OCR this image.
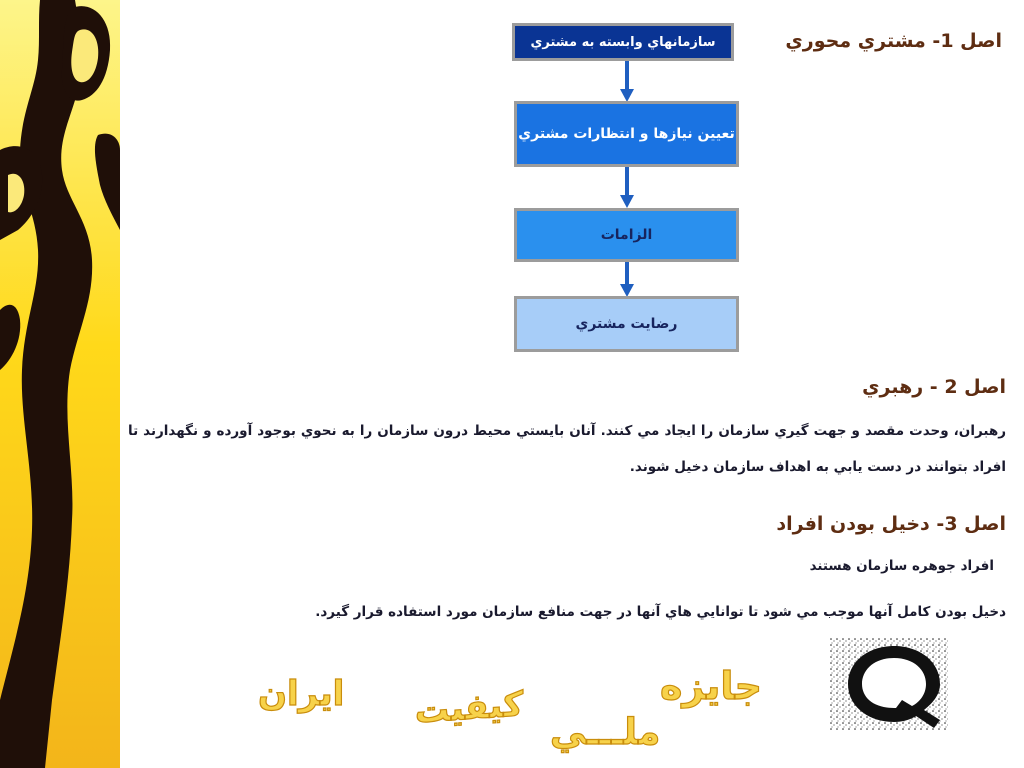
سازمانهاي وابسته به مشتري
تعيين نيازها و انتظارات مشتري
الزامات
رضايت مشتري
اصل 1- مشتري محوري
اصل 2 - رهبري
رهبران، وحدت مقصد و جهت گيري سازمان را ايجاد مي كنند. آنان بايستي محيط درون سازمان را به نحوي بوجود آورده و نگهدارند تا افراد بتوانند در دست يابي به اهداف سازمان دخيل شوند.
اصل 3- دخيل بودن افراد
افراد جوهره سازمان هستند
دخيل بودن كامل آنها موجب مي شود تا توانايي هاي آنها در جهت منافع سازمان مورد استفاده قرار گيرد.
ايران كيفيت	جايزه
ملـــي
